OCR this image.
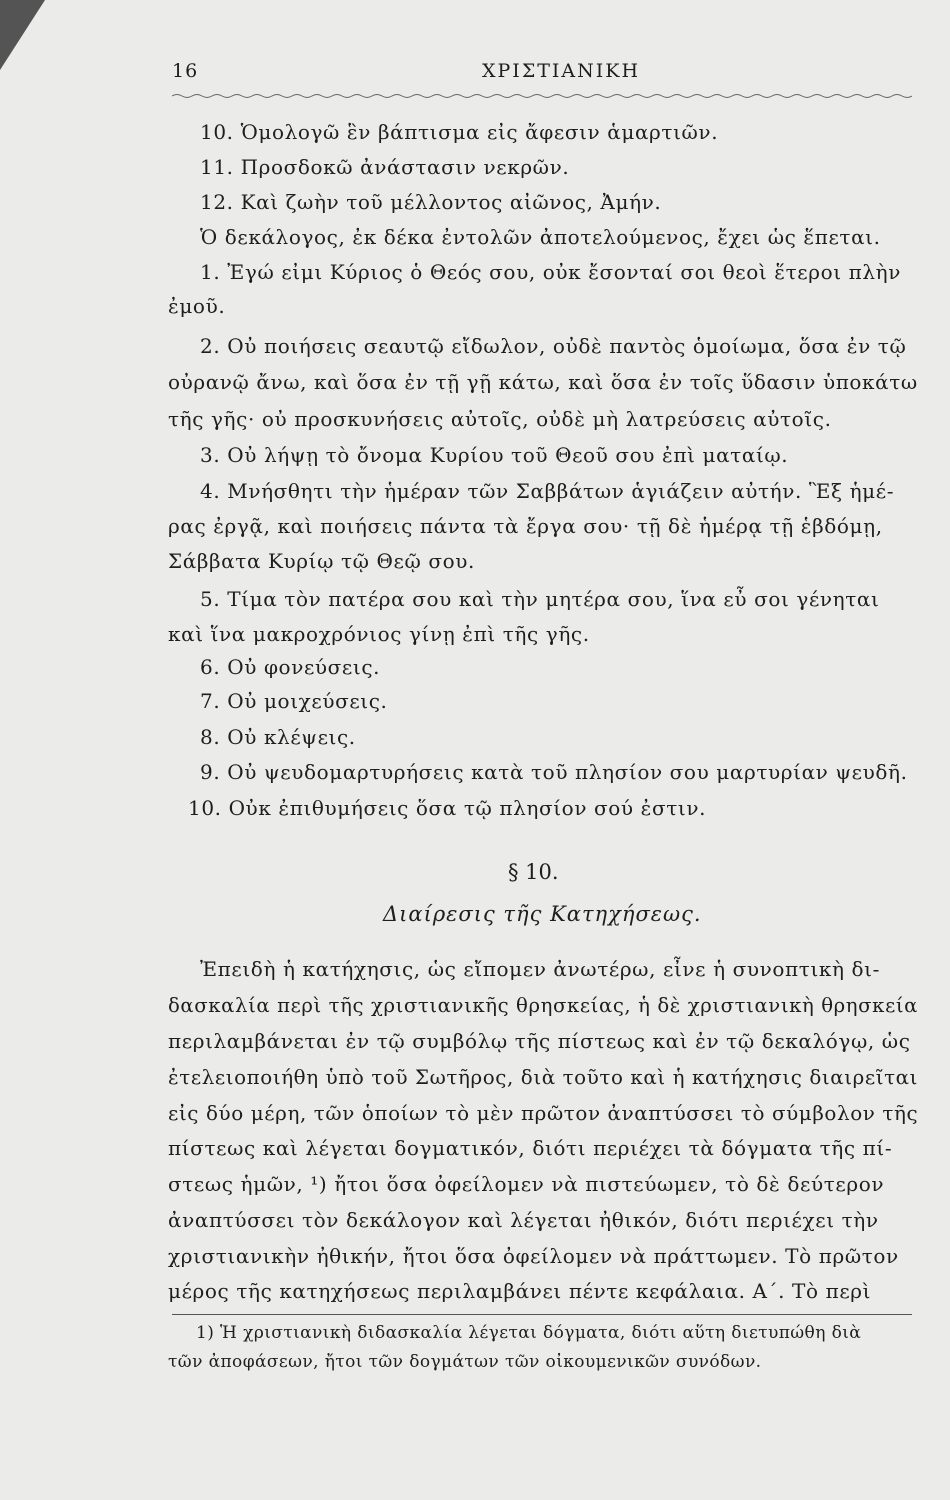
16	ΧΡΙΣΤΙΑΝΙΚΗ
10. Ὁμολογῶ ἓν βάπτισμα εἰς ἄφεσιν ἁμαρτιῶν.
11. Προσδοκῶ ἀνάστασιν νεκρῶν.
12. Καὶ ζωὴν τοῦ μέλλοντος αἰῶνος, Ἀμήν.
Ὁ δεκάλογος, ἐκ δέκα ἐντολῶν ἀποτελούμενος, ἔχει ὡς ἕπεται.
1. Ἐγώ εἰμι Κύριος ὁ Θεός σου, οὐκ ἔσονταί σοι θεοὶ ἕτεροι πλὴν
ἐμοῦ.
2. Οὐ ποιήσεις σεαυτῷ εἴδωλον, οὐδὲ παντὸς ὁμοίωμα, ὅσα ἐν τῷ
οὐρανῷ ἄνω, καὶ ὅσα ἐν τῇ γῇ κάτω, καὶ ὅσα ἐν τοῖς ὕδασιν ὑποκάτω
τῆς γῆς· οὐ προσκυνήσεις αὐτοῖς, οὐδὲ μὴ λατρεύσεις αὐτοῖς.
3. Οὐ λήψῃ τὸ ὄνομα Κυρίου τοῦ Θεοῦ σου ἐπὶ ματαίῳ.
4. Μνήσθητι τὴν ἡμέραν τῶν Σαββάτων ἁγιάζειν αὐτήν. Ἓξ ἡμέ-
ρας ἐργᾷ, καὶ ποιήσεις πάντα τὰ ἔργα σου· τῇ δὲ ἡμέρᾳ τῇ ἑβδόμῃ,
Σάββατα Κυρίῳ τῷ Θεῷ σου.
5. Τίμα τὸν πατέρα σου καὶ τὴν μητέρα σου, ἵνα εὖ σοι γένηται
καὶ ἵνα μακροχρόνιος γίνῃ ἐπὶ τῆς γῆς.
6. Οὐ φονεύσεις.
7. Οὐ μοιχεύσεις.
8. Οὐ κλέψεις.
9. Οὐ ψευδομαρτυρήσεις κατὰ τοῦ πλησίον σου μαρτυρίαν ψευδῆ.
10. Οὐκ ἐπιθυμήσεις ὅσα τῷ πλησίον σού ἐστιν.
§ 10.
Διαίρεσις τῆς Κατηχήσεως.
Ἐπειδὴ ἡ κατήχησις, ὡς εἴπομεν ἀνωτέρω, εἶνε ἡ συνοπτικὴ δι-
δασκαλία περὶ τῆς χριστιανικῆς θρησκείας, ἡ δὲ χριστιανικὴ θρησκεία
περιλαμβάνεται ἐν τῷ συμβόλῳ τῆς πίστεως καὶ ἐν τῷ δεκαλόγῳ, ὡς
ἐτελειοποιήθη ὑπὸ τοῦ Σωτῆρος, διὰ τοῦτο καὶ ἡ κατήχησις διαιρεῖται
εἰς δύο μέρη, τῶν ὁποίων τὸ μὲν πρῶτον ἀναπτύσσει τὸ σύμβολον τῆς
πίστεως καὶ λέγεται δογματικόν, διότι περιέχει τὰ δόγματα τῆς πί-
στεως ἡμῶν, ¹) ἤτοι ὅσα ὀφείλομεν νὰ πιστεύωμεν, τὸ δὲ δεύτερον
ἀναπτύσσει τὸν δεκάλογον καὶ λέγεται ἠθικόν, διότι περιέχει τὴν
χριστιανικὴν ἠθικήν, ἤτοι ὅσα ὀφείλομεν νὰ πράττωμεν. Τὸ πρῶτον
μέρος τῆς κατηχήσεως περιλαμβάνει πέντε κεφάλαια. Α΄. Τὸ περὶ
1) Ἡ χριστιανικὴ διδασκαλία λέγεται δόγματα, διότι αὕτη διετυπώθη διὰ
τῶν ἀποφάσεων, ἤτοι τῶν δογμάτων τῶν οἰκουμενικῶν συνόδων.
